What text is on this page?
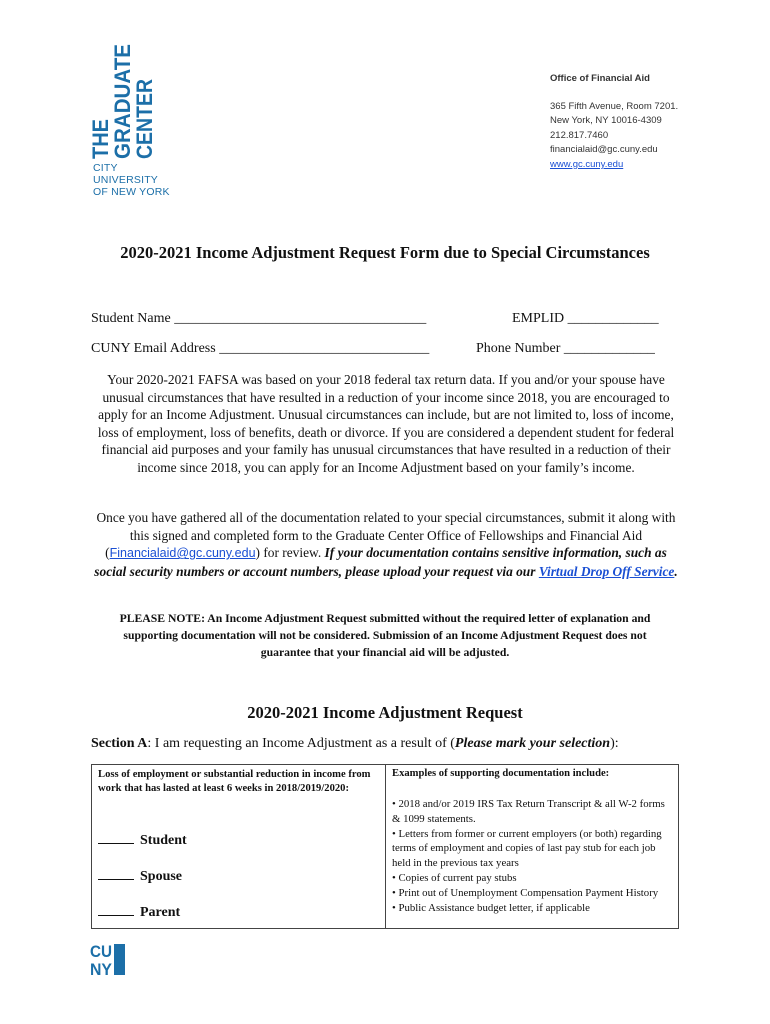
THE
GRADUATE
CENTER
CITY UNIVERSITY
OF NEW YORK
Office of Financial Aid
365 Fifth Avenue, Room 7201.
New York, NY 10016-4309
212.817.7460
financialaid@gc.cuny.edu
www.gc.cuny.edu
2020-2021 Income Adjustment Request Form due to Special Circumstances
Student Name ____________________________________	EMPLID _____________
CUNY Email Address ______________________________	Phone Number _____________
Your 2020-2021 FAFSA was based on your 2018 federal tax return data. If you and/or your spouse have unusual circumstances that have resulted in a reduction of your income since 2018, you are encouraged to apply for an Income Adjustment. Unusual circumstances can include, but are not limited to, loss of income, loss of employment, loss of benefits, death or divorce. If you are considered a dependent student for federal financial aid purposes and your family has unusual circumstances that have resulted in a reduction of their income since 2018, you can apply for an Income Adjustment based on your family’s income.
Once you have gathered all of the documentation related to your special circumstances, submit it along with this signed and completed form to the Graduate Center Office of Fellowships and Financial Aid (Financialaid@gc.cuny.edu) for review. If your documentation contains sensitive information, such as social security numbers or account numbers, please upload your request via our Virtual Drop Off Service.
PLEASE NOTE: An Income Adjustment Request submitted without the required letter of explanation and supporting documentation will not be considered. Submission of an Income Adjustment Request does not guarantee that your financial aid will be adjusted.
2020-2021 Income Adjustment Request
Section A: I am requesting an Income Adjustment as a result of (Please mark your selection):
Loss of employment or substantial reduction in income from work that has lasted at least 6 weeks in 2018/2019/2020:
Student
Spouse
Parent
Examples of supporting documentation include:
• 2018 and/or 2019 IRS Tax Return Transcript & all W-2 forms & 1099 statements.
• Letters from former or current employers (or both) regarding terms of employment and copies of last pay stub for each job held in the previous tax years
• Copies of current pay stubs
• Print out of Unemployment Compensation Payment History
• Public Assistance budget letter, if applicable
CU
NY
